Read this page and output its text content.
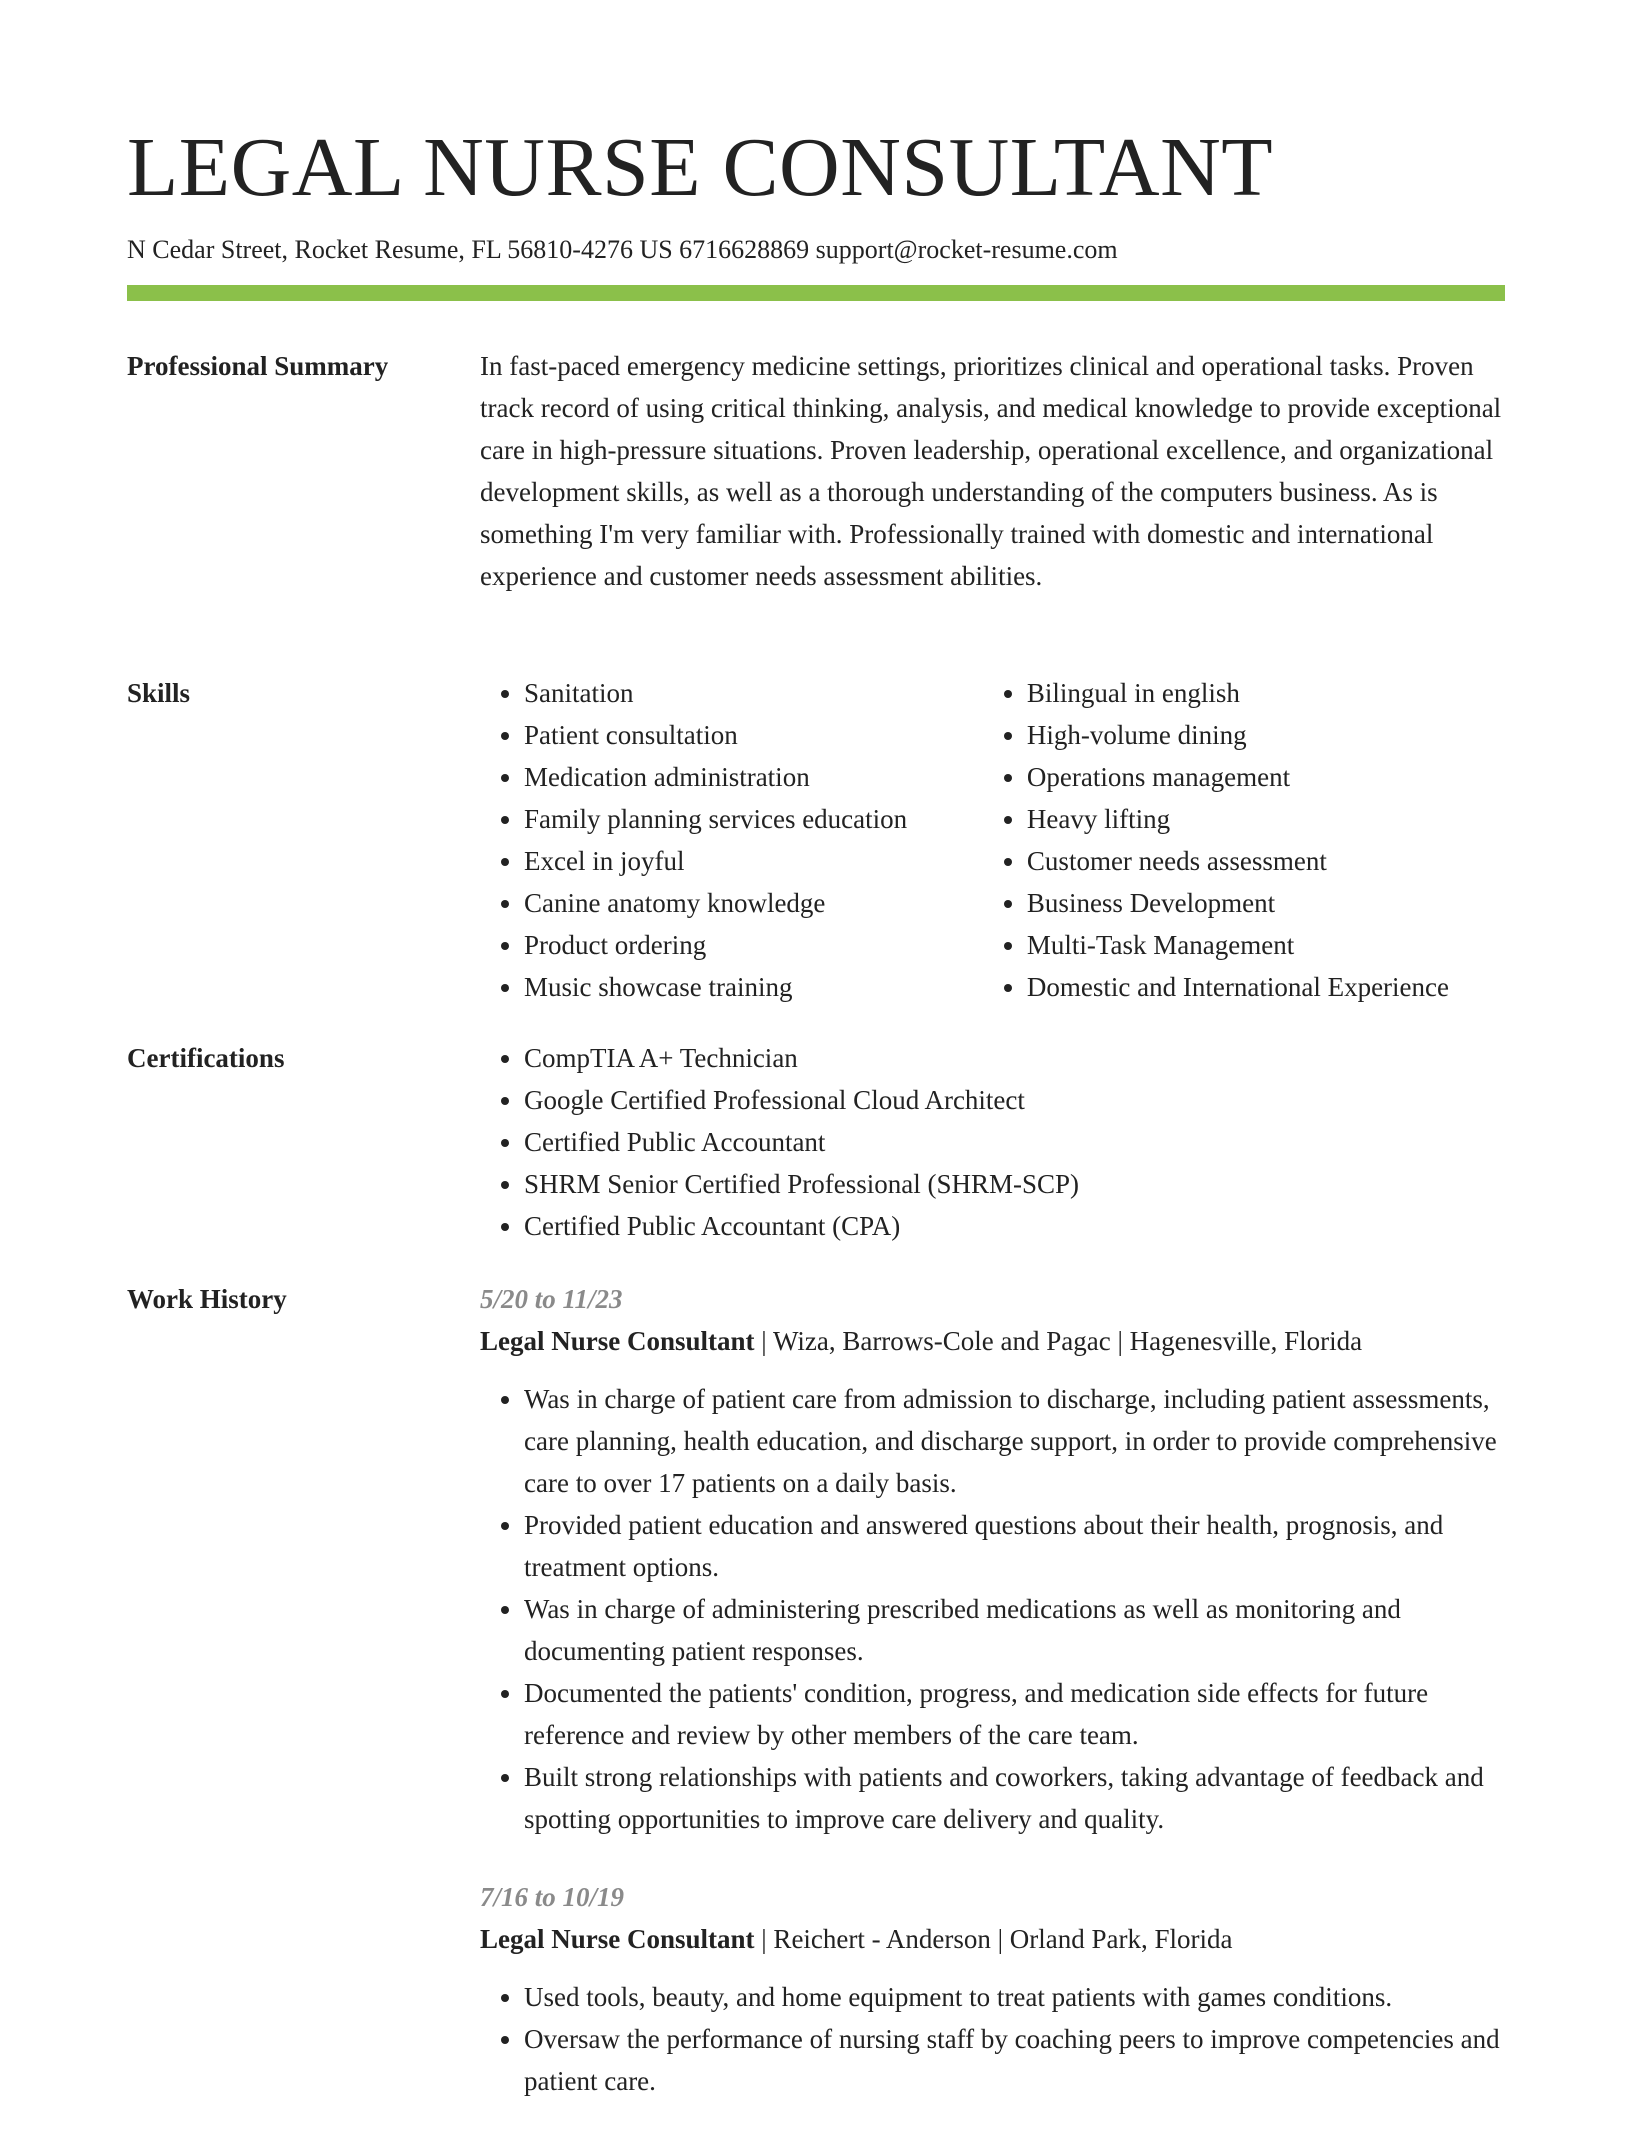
LEGAL NURSE CONSULTANT
N Cedar Street, Rocket Resume, FL 56810-4276 US 6716628869 support@rocket-resume.com
Professional Summary	In fast-paced emergency medicine settings, prioritizes clinical and operational tasks. Proven track record of using critical thinking, analysis, and medical knowledge to provide exceptional care in high-pressure situations. Proven leadership, operational excellence, and organizational development skills, as well as a thorough understanding of the computers business. As is something I'm very familiar with. Professionally trained with domestic and international experience and customer needs assessment abilities.

Skills	• Sanitation
• Patient consultation
• Medication administration
• Family planning services education
• Excel in joyful
• Canine anatomy knowledge
• Product ordering
• Music showcase training
• Bilingual in english
• High-volume dining
• Operations management
• Heavy lifting
• Customer needs assessment
• Business Development
• Multi-Task Management
• Domestic and International Experience
Certifications	• CompTIA A+ Technician
• Google Certified Professional Cloud Architect
• Certified Public Accountant
• SHRM Senior Certified Professional (SHRM-SCP)
• Certified Public Accountant (CPA)
Work History	5/20 to 11/23
Legal Nurse Consultant | Wiza, Barrows-Cole and Pagac | Hagenesville, Florida
• Was in charge of patient care from admission to discharge, including patient assessments, care planning, health education, and discharge support, in order to provide comprehensive care to over 17 patients on a daily basis.
• Provided patient education and answered questions about their health, prognosis, and treatment options.
• Was in charge of administering prescribed medications as well as monitoring and documenting patient responses.
• Documented the patients' condition, progress, and medication side effects for future reference and review by other members of the care team.
• Built strong relationships with patients and coworkers, taking advantage of feedback and spotting opportunities to improve care delivery and quality.
7/16 to 10/19
Legal Nurse Consultant | Reichert - Anderson | Orland Park, Florida
• Used tools, beauty, and home equipment to treat patients with games conditions.
• Oversaw the performance of nursing staff by coaching peers to improve competencies and patient care.
